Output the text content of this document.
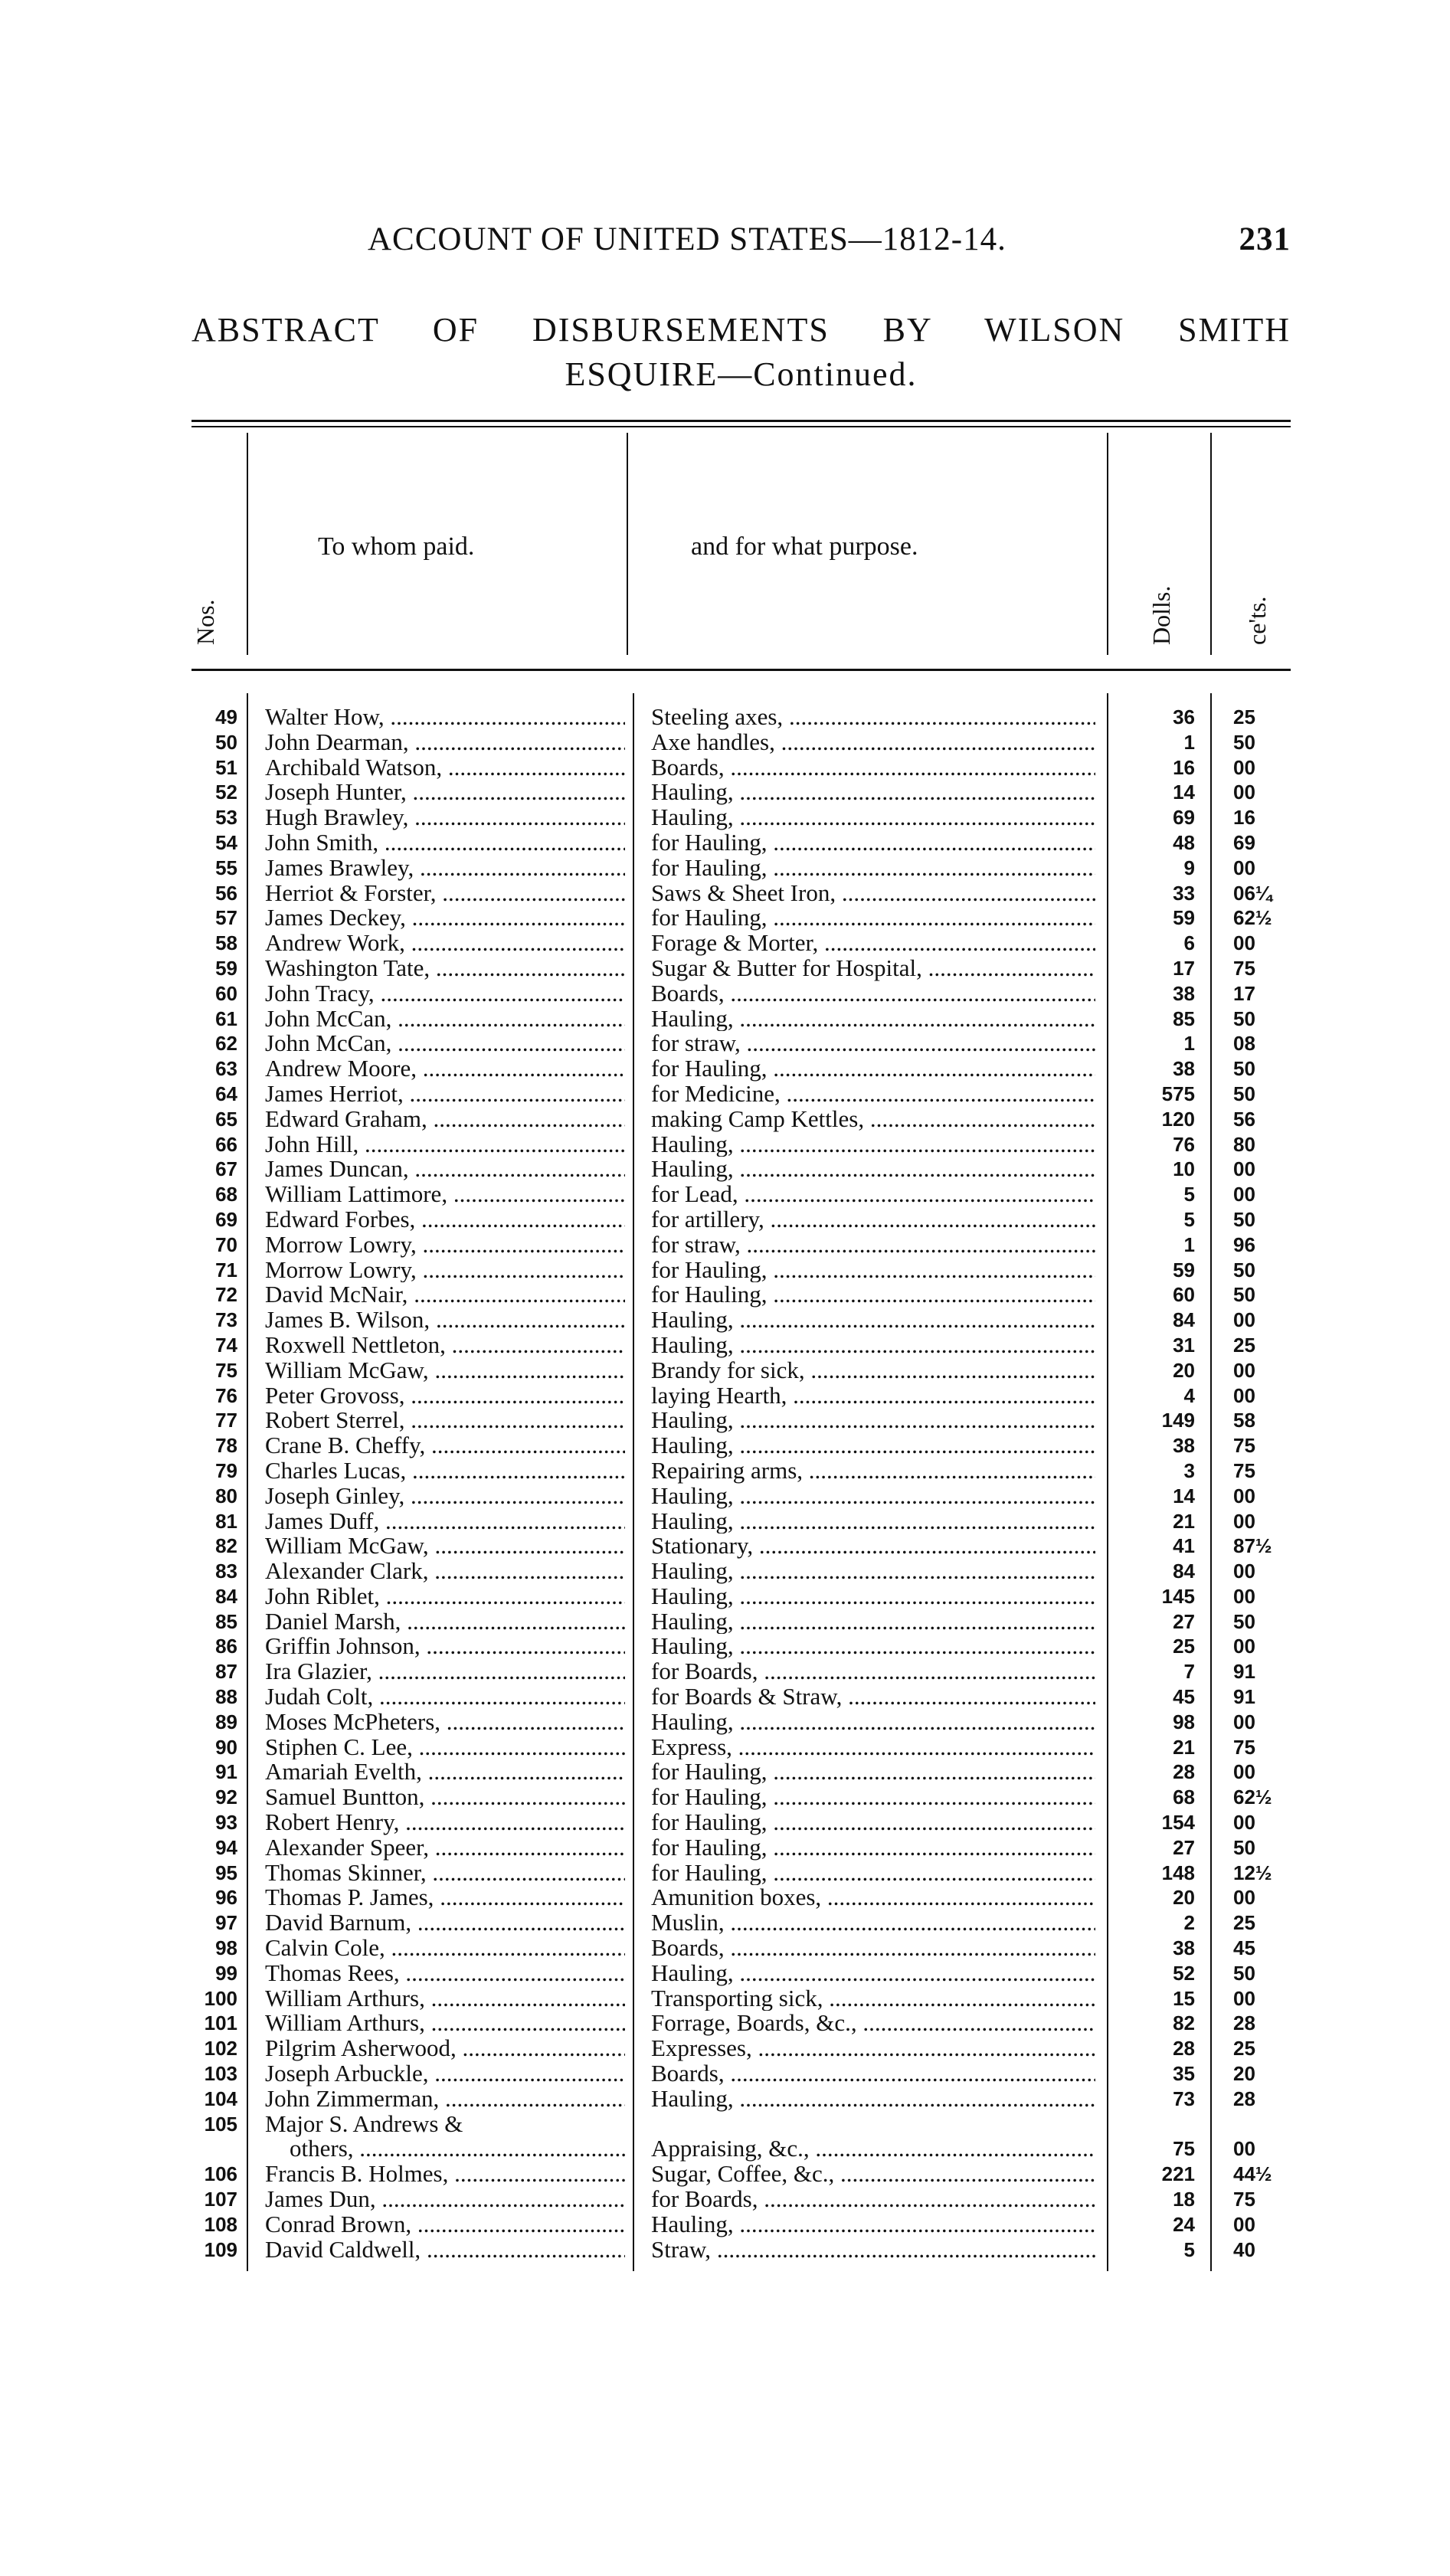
ACCOUNT OF UNITED STATES—1812-14.	231
ABSTRACT OF DISBURSEMENTS BY WILSON SMITH
ESQUIRE—Continued.
Nos.
To whom paid.	and for what purpose.
Dolls.	ce'ts.
49 Walter How, .....	Steeling axes, .....	36 25
50 John Dearman, .....	Axe handles, .....	1 50
51 Archibald Watson, .....	Boards, .....	16 00
52 Joseph Hunter, .....	Hauling, .....	14 00
53 Hugh Brawley, .....	Hauling, .....	69 16
54 John Smith, .....	for Hauling, .....	48 69
55 James Brawley, .....	for Hauling, .....	9 00
56 Herriot & Forster, .....	Saws & Sheet Iron, .....	33 06¼
57 James Deckey, .....	for Hauling, .....	59 62½
58 Andrew Work, .....	Forage & Morter, .....	6 00
59 Washington Tate, .....	Sugar & Butter for Hospital, .....	17 75
60 John Tracy, .....	Boards, .....	38 17
61 John McCan, .....	Hauling, .....	85 50
62 John McCan, .....	for straw, .....	1 08
63 Andrew Moore, .....	for Hauling, .....	38 50
64 James Herriot, .....	for Medicine, .....	575 50
65 Edward Graham, .....	making Camp Kettles, .....	120 56
66 John Hill, .....	Hauling, .....	76 80
67 James Duncan, .....	Hauling, .....	10 00
68 William Lattimore, .....	for Lead, .....	5 00
69 Edward Forbes, .....	for artillery, .....	5 50
70 Morrow Lowry, .....	for straw, .....	1 96
71 Morrow Lowry, .....	for Hauling, .....	59 50
72 David McNair, .....	for Hauling, .....	60 50
73 James B. Wilson, .....	Hauling, .....	84 00
74 Roxwell Nettleton, .....	Hauling, .....	31 25
75 William McGaw, .....	Brandy for sick, .....	20 00
76 Peter Grovoss, .....	laying Hearth, .....	4 00
77 Robert Sterrel, .....	Hauling, .....	149 58
78 Crane B. Cheffy, .....	Hauling, .....	38 75
79 Charles Lucas, .....	Repairing arms, .....	3 75
80 Joseph Ginley, .....	Hauling, .....	14 00
81 James Duff, .....	Hauling, .....	21 00
82 William McGaw, .....	Stationary, .....	41 87½
83 Alexander Clark, .....	Hauling, .....	84 00
84 John Riblet, .....	Hauling, .....	145 00
85 Daniel Marsh, .....	Hauling, .....	27 50
86 Griffin Johnson, .....	Hauling, .....	25 00
87 Ira Glazier, .....	for Boards, .....	7 91
88 Judah Colt, .....	for Boards & Straw, .....	45 91
89 Moses McPheters, .....	Hauling, .....	98 00
90 Stiphen C. Lee, .....	Express, .....	21 75
91 Amariah Evelth, .....	for Hauling, .....	28 00
92 Samuel Buntton, .....	for Hauling, .....	68 62½
93 Robert Henry, .....	for Hauling, .....	154 00
94 Alexander Speer, .....	for Hauling, .....	27 50
95 Thomas Skinner, .....	for Hauling, .....	148 12½
96 Thomas P. James, .....	Amunition boxes, .....	20 00
97 David Barnum, .....	Muslin, .....	2 25
98 Calvin Cole, .....	Boards, .....	38 45
99 Thomas Rees, .....	Hauling, .....	52 50
100 William Arthurs, .....	Transporting sick, .....	15 00
101 William Arthurs, .....	Forrage, Boards, &c., .....	82 28
102 Pilgrim Asherwood, .....	Expresses, .....	28 25
103 Joseph Arbuckle, .....	Boards, .....	35 20
104 John Zimmerman, .....	Hauling, .....	73 28
105 Major S. Andrews &
others, .....	Appraising, &c., .....	75 00
106 Francis B. Holmes, .....	Sugar, Coffee, &c., .....	221 44½
107 James Dun, .....	for Boards, .....	18 75
108 Conrad Brown, .....	Hauling, .....	24 00
109 David Caldwell, .....	Straw, .....	5 40
